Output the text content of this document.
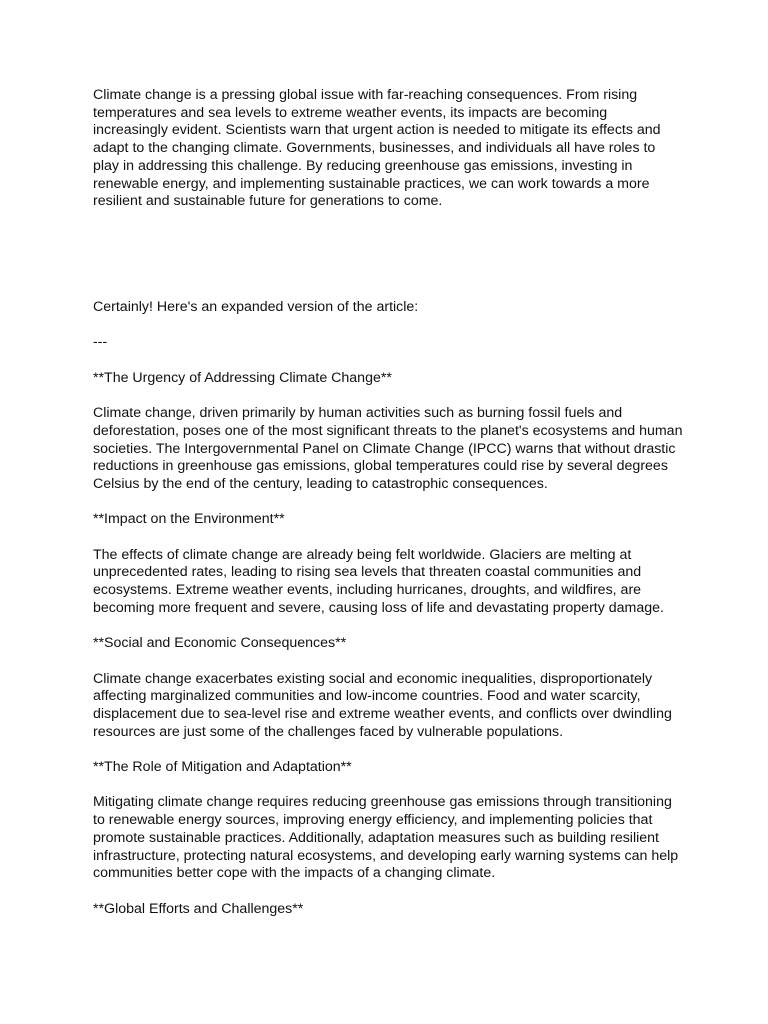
Climate change is a pressing global issue with far-reaching consequences. From rising temperatures and sea levels to extreme weather events, its impacts are becoming increasingly evident. Scientists warn that urgent action is needed to mitigate its effects and adapt to the changing climate. Governments, businesses, and individuals all have roles to play in addressing this challenge. By reducing greenhouse gas emissions, investing in renewable energy, and implementing sustainable practices, we can work towards a more resilient and sustainable future for generations to come.

Certainly! Here's an expanded version of the article:

---

**The Urgency of Addressing Climate Change**

Climate change, driven primarily by human activities such as burning fossil fuels and deforestation, poses one of the most significant threats to the planet's ecosystems and human societies. The Intergovernmental Panel on Climate Change (IPCC) warns that without drastic reductions in greenhouse gas emissions, global temperatures could rise by several degrees Celsius by the end of the century, leading to catastrophic consequences.

**Impact on the Environment**

The effects of climate change are already being felt worldwide. Glaciers are melting at unprecedented rates, leading to rising sea levels that threaten coastal communities and ecosystems. Extreme weather events, including hurricanes, droughts, and wildfires, are becoming more frequent and severe, causing loss of life and devastating property damage.

**Social and Economic Consequences**

Climate change exacerbates existing social and economic inequalities, disproportionately affecting marginalized communities and low-income countries. Food and water scarcity, displacement due to sea-level rise and extreme weather events, and conflicts over dwindling resources are just some of the challenges faced by vulnerable populations.

**The Role of Mitigation and Adaptation**

Mitigating climate change requires reducing greenhouse gas emissions through transitioning to renewable energy sources, improving energy efficiency, and implementing policies that promote sustainable practices. Additionally, adaptation measures such as building resilient infrastructure, protecting natural ecosystems, and developing early warning systems can help communities better cope with the impacts of a changing climate.

**Global Efforts and Challenges**
